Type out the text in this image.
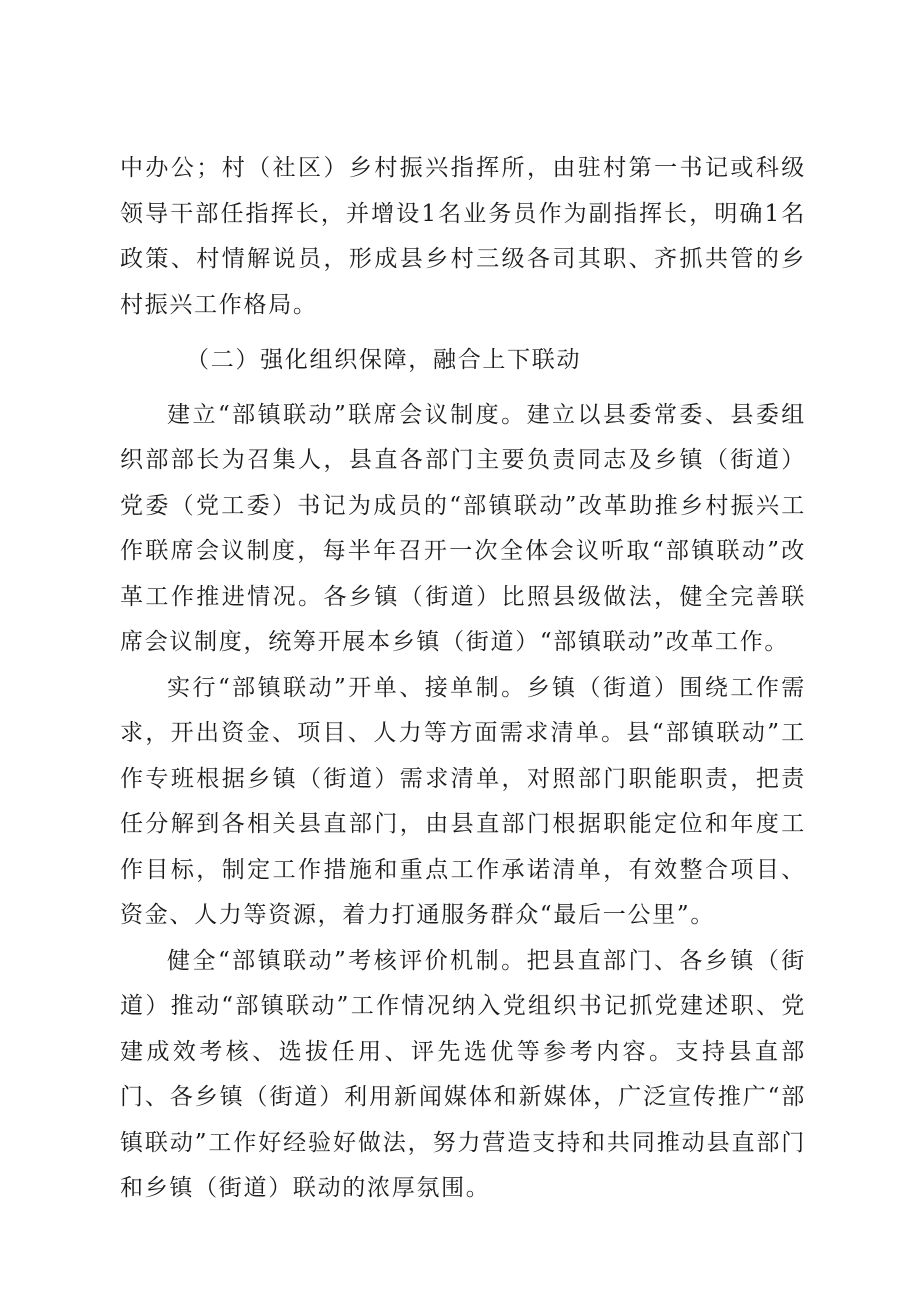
中办公；村（社区）乡村振兴指挥所，由驻村第一书记或科级领导干部任指挥长，并增设1名业务员作为副指挥长，明确1名政策、村情解说员，形成县乡村三级各司其职、齐抓共管的乡村振兴工作格局。

（二）强化组织保障，融合上下联动

建立“部镇联动”联席会议制度。建立以县委常委、县委组织部部长为召集人，县直各部门主要负责同志及乡镇（街道）党委（党工委）书记为成员的“部镇联动”改革助推乡村振兴工作联席会议制度，每半年召开一次全体会议听取“部镇联动”改革工作推进情况。各乡镇（街道）比照县级做法，健全完善联席会议制度，统筹开展本乡镇（街道）“部镇联动”改革工作。

实行“部镇联动”开单、接单制。乡镇（街道）围绕工作需求，开出资金、项目、人力等方面需求清单。县“部镇联动”工作专班根据乡镇（街道）需求清单，对照部门职能职责，把责任分解到各相关县直部门，由县直部门根据职能定位和年度工作目标，制定工作措施和重点工作承诺清单，有效整合项目、资金、人力等资源，着力打通服务群众“最后一公里”。

健全“部镇联动”考核评价机制。把县直部门、各乡镇（街道）推动“部镇联动”工作情况纳入党组织书记抓党建述职、党建成效考核、选拔任用、评先选优等参考内容。支持县直部门、各乡镇（街道）利用新闻媒体和新媒体，广泛宣传推广“部镇联动”工作好经验好做法，努力营造支持和共同推动县直部门和乡镇（街道）联动的浓厚氛围。
